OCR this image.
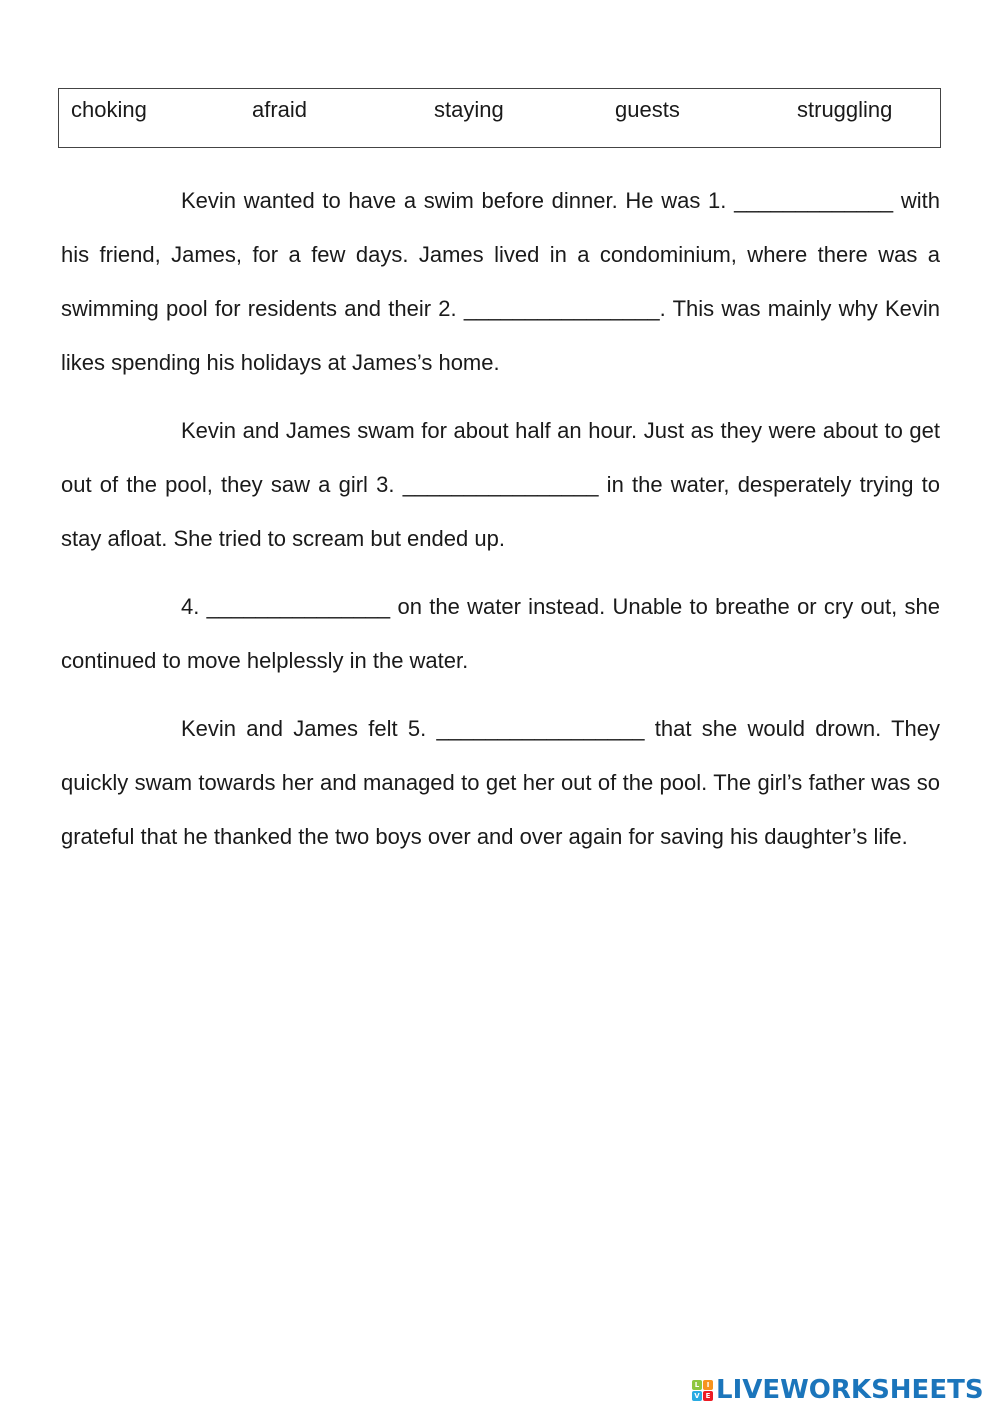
choking	afraid	staying	guests	struggling

Kevin wanted to have a swim before dinner. He was 1. _____________ with his friend, James, for a few days. James lived in a condominium, where there was a swimming pool for residents and their 2. ________________. This was mainly why Kevin likes spending his holidays at James’s home.

Kevin and James swam for about half an hour. Just as they were about to get out of the pool, they saw a girl 3. ________________ in the water, desperately trying to stay afloat. She tried to scream but ended up.

4. _______________ on the water instead. Unable to breathe or cry out, she continued to move helplessly in the water.

Kevin and James felt 5. _________________ that she would drown. They quickly swam towards her and managed to get her out of the pool. The girl’s father was so grateful that he thanked the two boys over and over again for saving his daughter’s life.

L	I
V E LIVEWORKSHEETS
